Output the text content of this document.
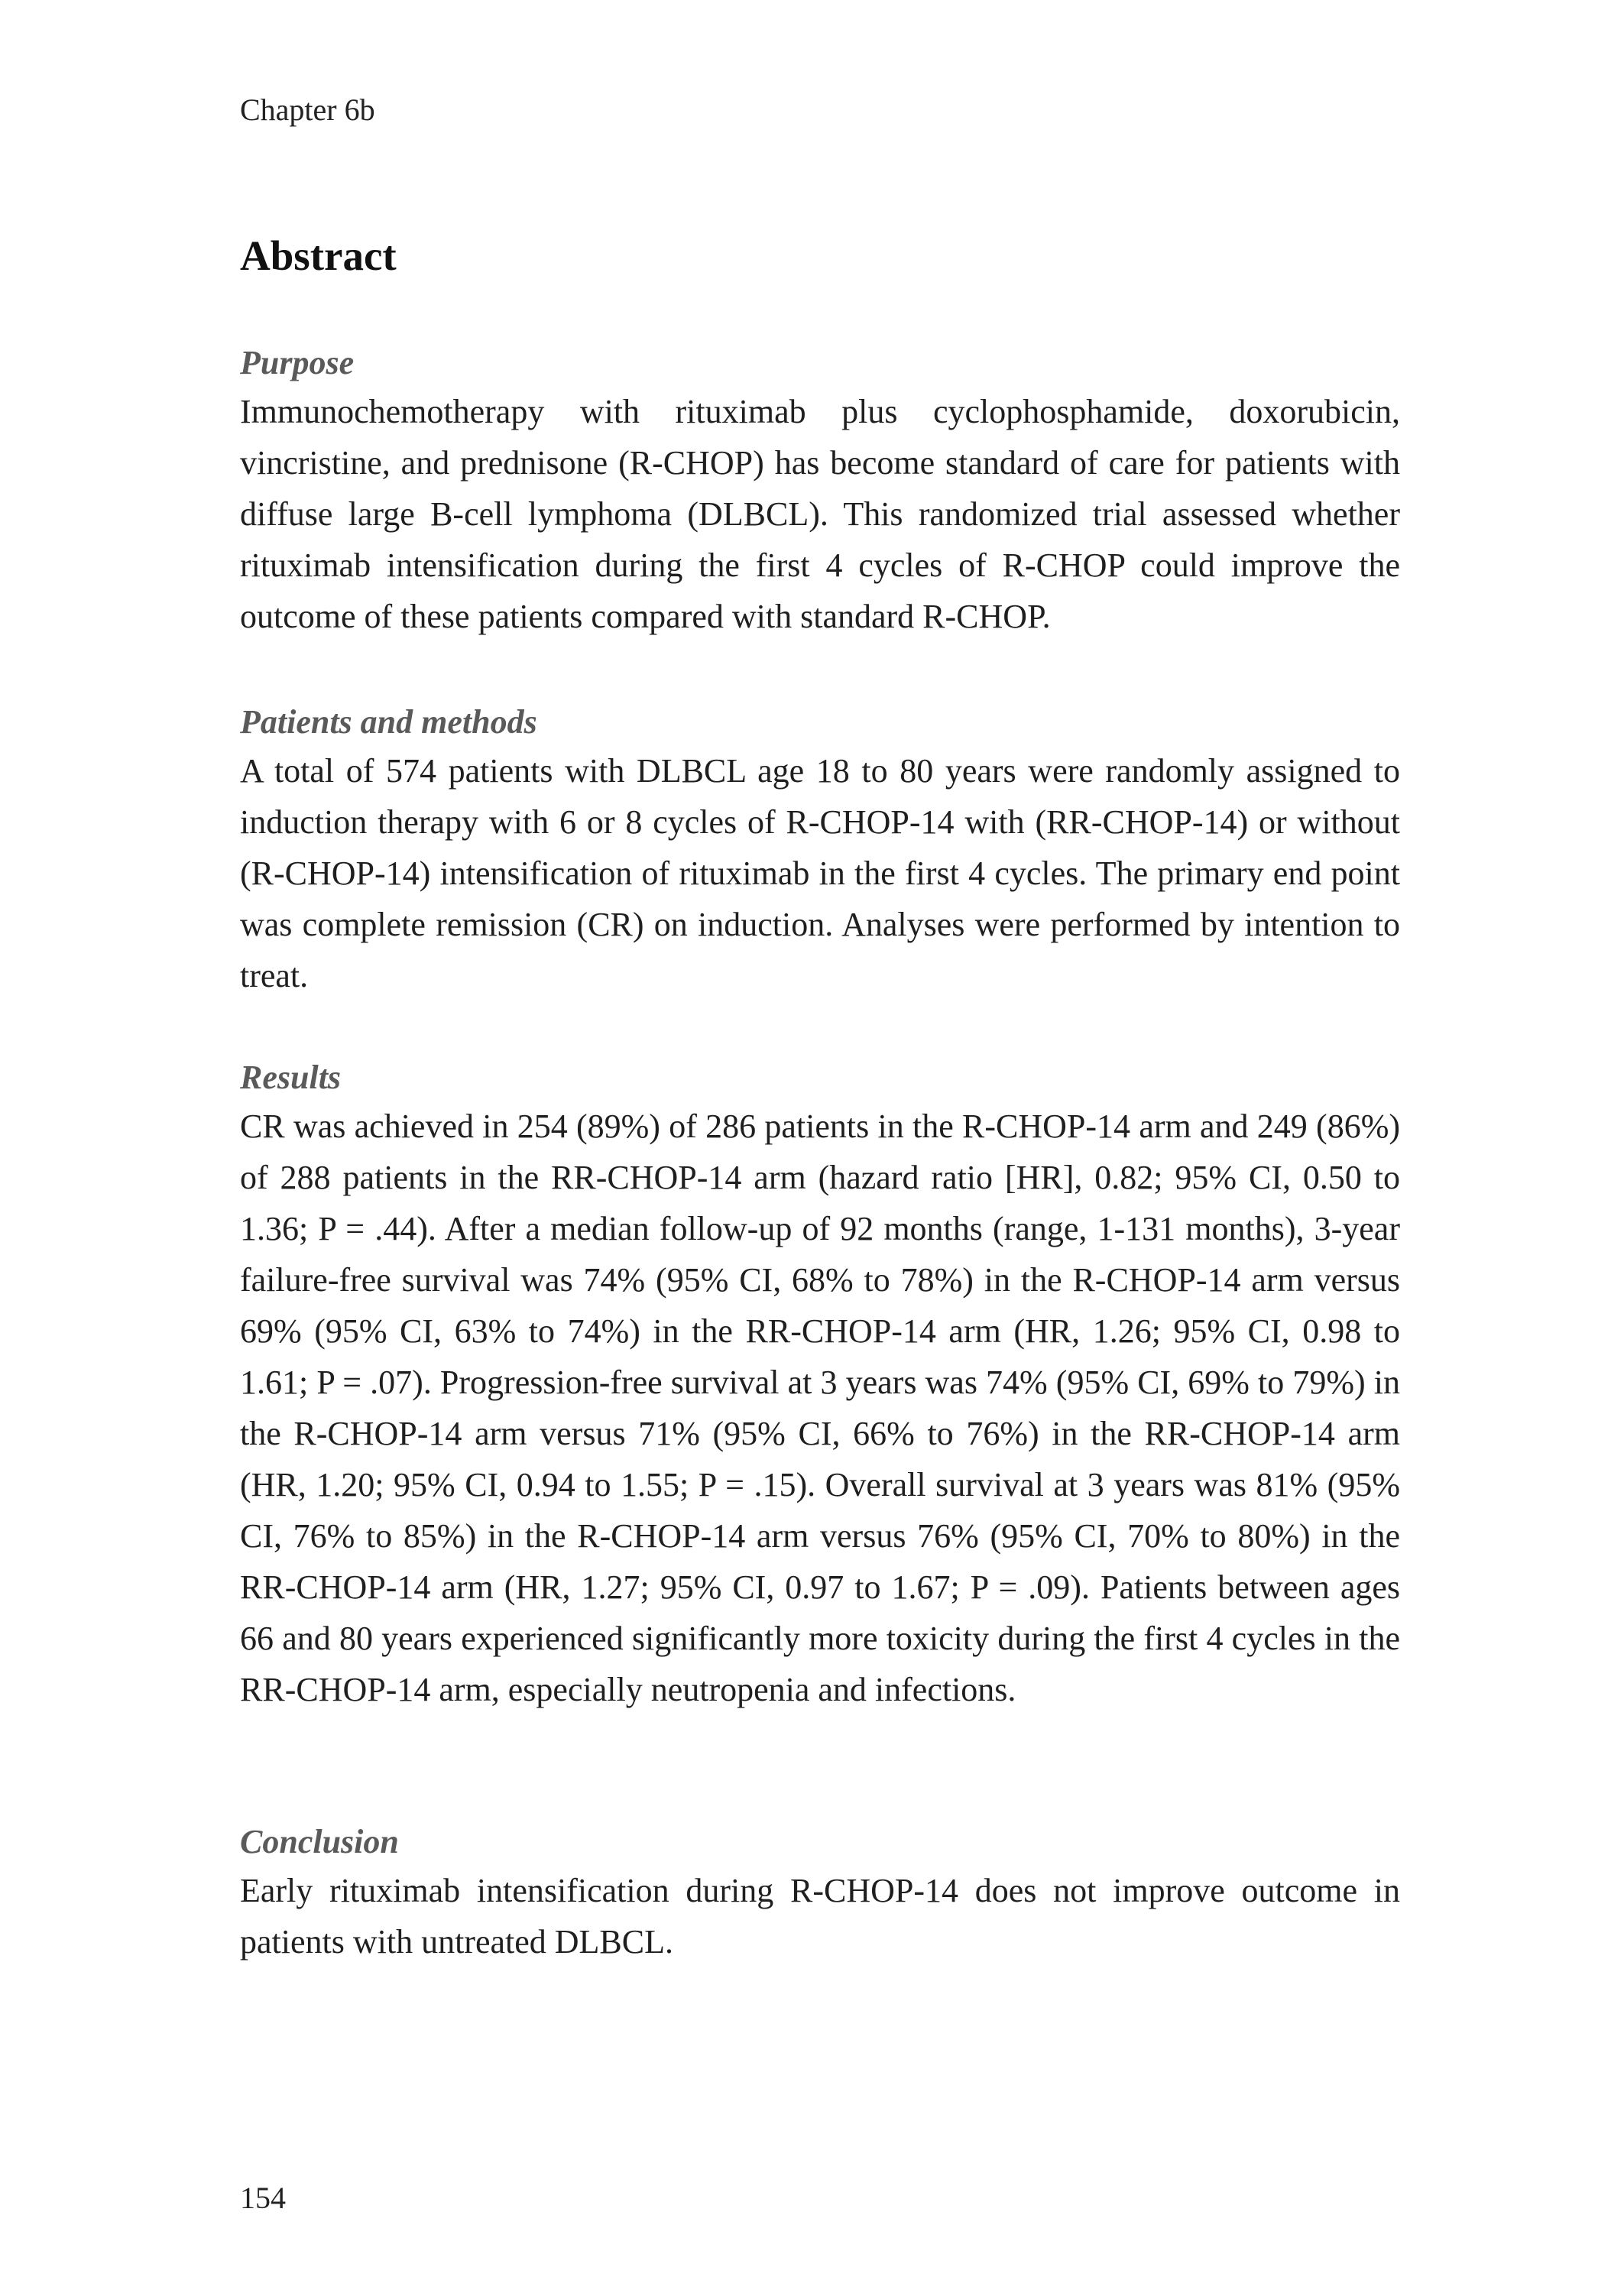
Chapter 6b

Abstract
Purpose

Immunochemotherapy with rituximab plus cyclophosphamide, doxorubicin, vincristine, and prednisone (R-CHOP) has become standard of care for patients with diffuse large B-cell lymphoma (DLBCL). This randomized trial assessed whether rituximab intensification during the first 4 cycles of R-CHOP could improve the outcome of these patients compared with standard R-CHOP.

Patients and methods

A total of 574 patients with DLBCL age 18 to 80 years were randomly assigned to induction therapy with 6 or 8 cycles of R-CHOP-14 with (RR-CHOP-14) or without (R-CHOP-14) intensification of rituximab in the first 4 cycles. The primary end point was complete remission (CR) on induction. Analyses were performed by intention to treat.

Results

CR was achieved in 254 (89%) of 286 patients in the R-CHOP-14 arm and 249 (86%) of 288 patients in the RR-CHOP-14 arm (hazard ratio [HR], 0.82; 95% CI, 0.50 to 1.36; P = .44). After a median follow-up of 92 months (range, 1-131 months), 3-year failure-free survival was 74% (95% CI, 68% to 78%) in the R-CHOP-14 arm versus 69% (95% CI, 63% to 74%) in the RR-CHOP-14 arm (HR, 1.26; 95% CI, 0.98 to 1.61; P = .07). Progression-free survival at 3 years was 74% (95% CI, 69% to 79%) in the R-CHOP-14 arm versus 71% (95% CI, 66% to 76%) in the RR-CHOP-14 arm (HR, 1.20; 95% CI, 0.94 to 1.55; P = .15). Overall survival at 3 years was 81% (95% CI, 76% to 85%) in the R-CHOP-14 arm versus 76% (95% CI, 70% to 80%) in the RR-CHOP-14 arm (HR, 1.27; 95% CI, 0.97 to 1.67; P = .09). Patients between ages 66 and 80 years experienced significantly more toxicity during the first 4 cycles in the RR-CHOP-14 arm, especially neutropenia and infections.

Conclusion

Early rituximab intensification during R-CHOP-14 does not improve outcome in patients with untreated DLBCL.

154
